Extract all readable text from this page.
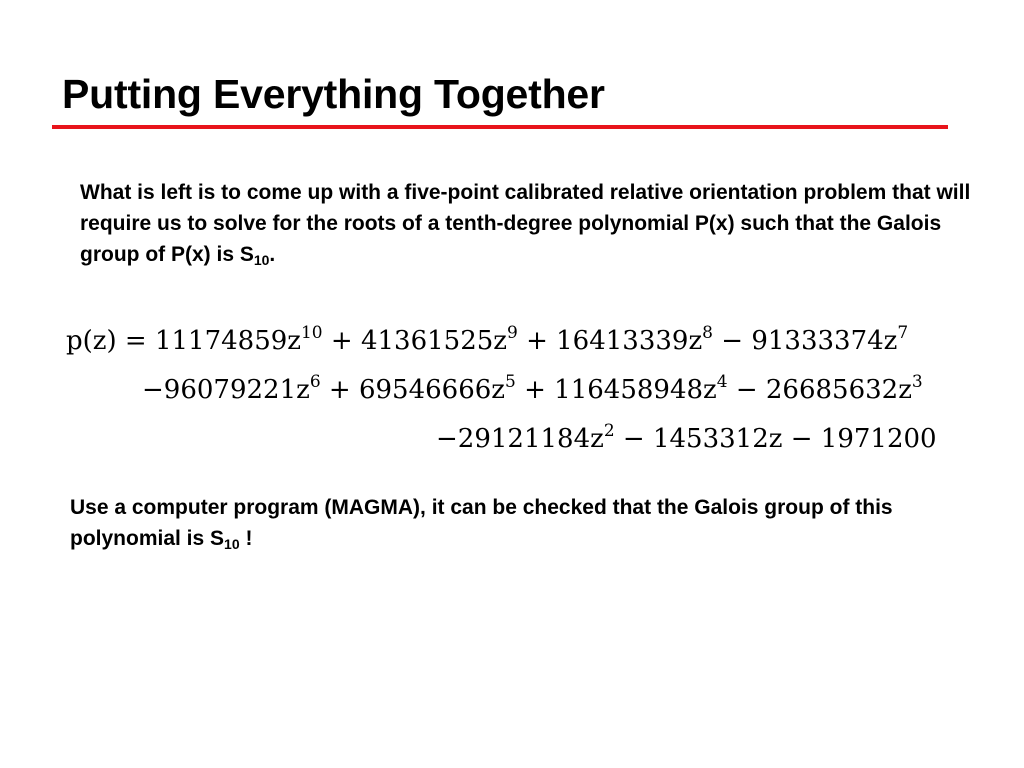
Putting Everything Together

What is left is to come up with a five-point calibrated relative orientation problem that will require us to solve for the roots of a tenth-degree polynomial P(x) such that the Galois group of P(x) is $S_{10}$.

$p(z) = 11174859z^{10} + 41361525z^9 + 16413339z^8 - 91333374z^7$
$-96079221z^6 + 69546666z^5 + 116458948z^4 - 26685632z^3$
$-29121184z^2 - 1453312z - 1971200$

Use a computer program (MAGMA), it can be checked that the Galois group of this polynomial is $S_{10}$ !
